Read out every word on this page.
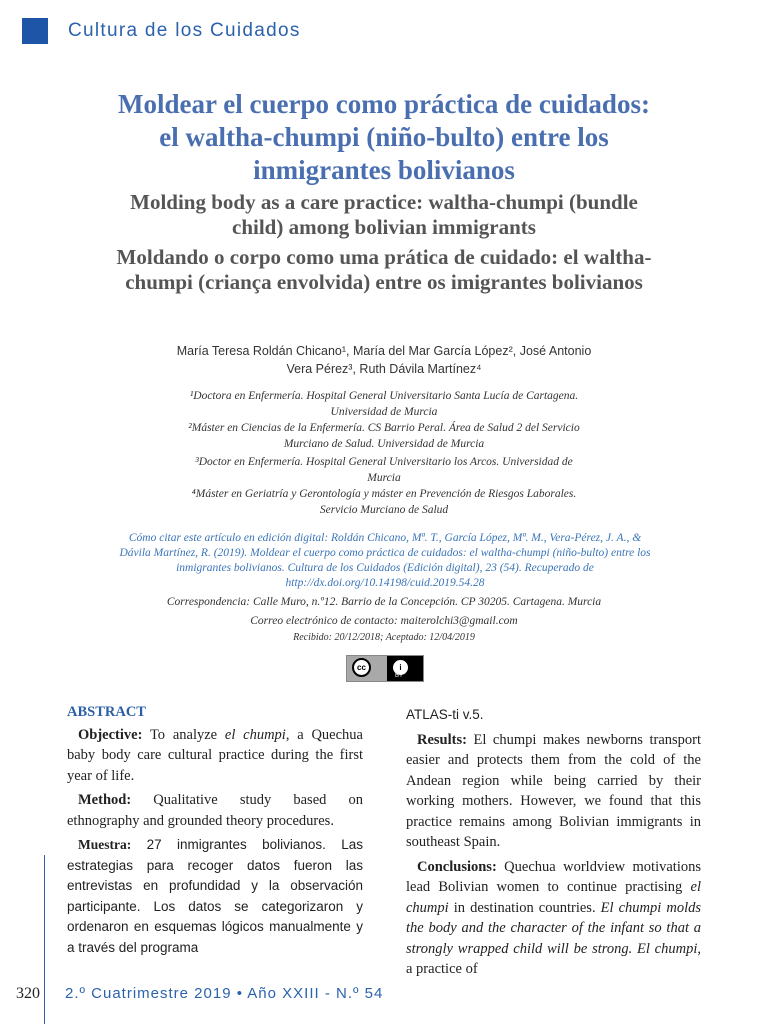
Cultura de los Cuidados
Moldear el cuerpo como práctica de cuidados: el waltha-chumpi (niño-bulto) entre los inmigrantes bolivianos
Molding body as a care practice: waltha-chumpi (bundle child) among bolivian immigrants
Moldando o corpo como uma prática de cuidado: el waltha-chumpi (criança envolvida) entre os imigrantes bolivianos
María Teresa Roldán Chicano¹, María del Mar García López², José Antonio Vera Pérez³, Ruth Dávila Martínez⁴
¹Doctora en Enfermería. Hospital General Universitario Santa Lucía de Cartagena. Universidad de Murcia
²Máster en Ciencias de la Enfermería. CS Barrio Peral. Área de Salud 2 del Servicio Murciano de Salud. Universidad de Murcia
³Doctor en Enfermería. Hospital General Universitario los Arcos. Universidad de Murcia
⁴Máster en Geriatría y Gerontología y máster en Prevención de Riesgos Laborales. Servicio Murciano de Salud
Cómo citar este artículo en edición digital: Roldán Chicano, Mª. T., García López, Mª. M., Vera-Pérez, J. A., & Dávila Martínez, R. (2019). Moldear el cuerpo como práctica de cuidados: el waltha-chumpi (niño-bulto) entre los inmigrantes bolivianos. Cultura de los Cuidados (Edición digital), 23 (54). Recuperado de http://dx.doi.org/10.14198/cuid.2019.54.28
Correspondencia: Calle Muro, n.º12. Barrio de la Concepción. CP 30205. Cartagena. Murcia
Correo electrónico de contacto: maiterolchi3@gmail.com
Recibido: 20/12/2018; Aceptado: 12/04/2019
cc	i
BY
ABSTRACT

Objective: To analyze el chumpi, a Quechua baby body care cultural practice during the first year of life.

Method: Qualitative study based on ethnography and grounded theory procedures.

Muestra: 27 inmigrantes bolivianos. Las estrategias para recoger datos fueron las entrevistas en profundidad y la observación participante. Los datos se categorizaron y ordenaron en esquemas lógicos manualmente y a través del programa

ATLAS-ti v.5.

Results: El chumpi makes newborns transport easier and protects them from the cold of the Andean region while being carried by their working mothers. However, we found that this practice remains among Bolivian immigrants in southeast Spain.

Conclusions: Quechua worldview motivations lead Bolivian women to continue practising el chumpi in destination countries. El chumpi molds the body and the character of the infant so that a strongly wrapped child will be strong. El chumpi, a practice of

320 2.º Cuatrimestre 2019 • Año XXIII - N.º 54
